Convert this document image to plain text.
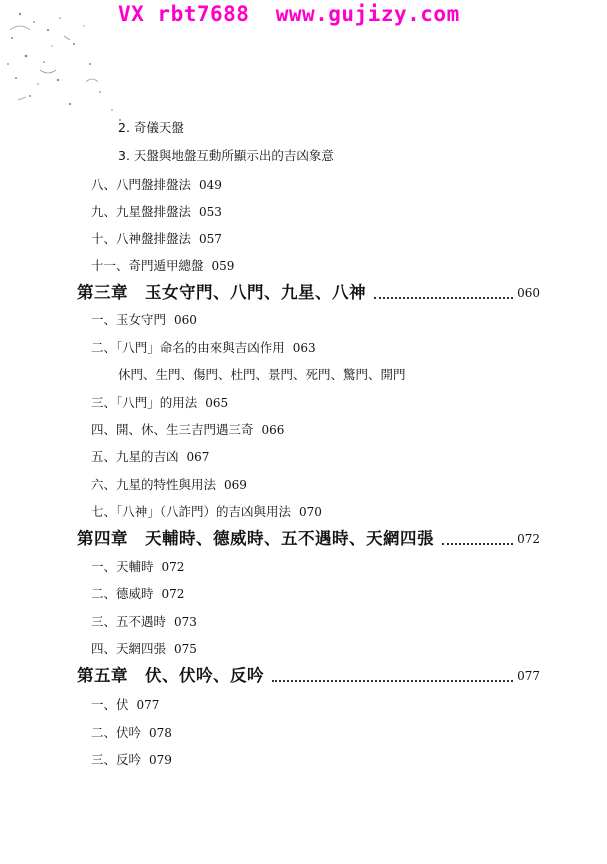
VX rbt7688  www.gujizy.com
2. 奇儀天盤
3. 天盤與地盤互動所顯示出的吉凶象意
八、八門盤排盤法 049
九、九星盤排盤法 053
十、八神盤排盤法 057
十一、奇門遁甲總盤 059
第三章　玉女守門、八門、九星、八神	060
一、玉女守門 060
二、「八門」命名的由來與吉凶作用 063
休門、生門、傷門、杜門、景門、死門、驚門、開門
三、「八門」的用法 065
四、開、休、生三吉門遇三奇 066
五、九星的吉凶 067
六、九星的特性與用法 069
七、「八神」（八詐門）的吉凶與用法 070
第四章　天輔時、德威時、五不遇時、天網四張	072
一、天輔時 072
二、德威時 072
三、五不遇時 073
四、天網四張 075
第五章　伏、伏吟、反吟	077
一、伏 077
二、伏吟 078
三、反吟 079
